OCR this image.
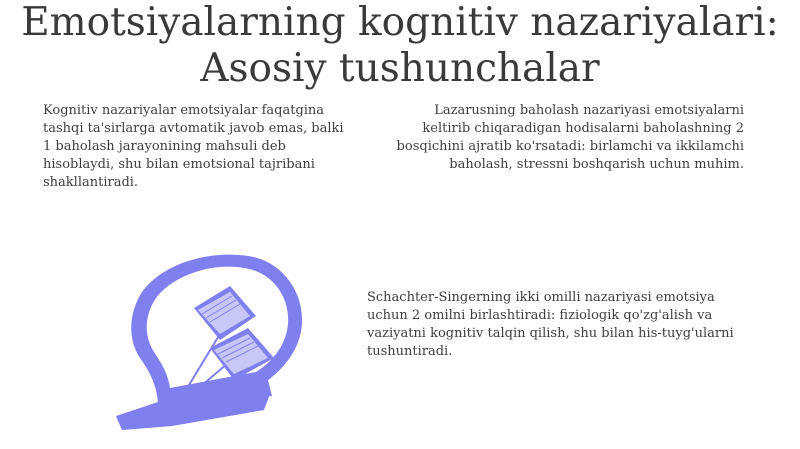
Emotsiyalarning kognitiv nazariyalari: Asosiy tushunchalar

Kognitiv nazariyalar emotsiyalar faqatgina tashqi ta'sirlarga avtomatik javob emas, balki 1 baholash jarayonining mahsuli deb hisoblaydi, shu bilan emotsional tajribani shakllantiradi.

Lazarusning baholash nazariyasi emotsiyalarni keltirib chiqaradigan hodisalarni baholashning 2 bosqichini ajratib ko'rsatadi: birlamchi va ikkilamchi baholash, stressni boshqarish uchun muhim.

Schachter-Singerning ikki omilli nazariyasi emotsiya uchun 2 omilni birlashtiradi: fiziologik qo'zg'alish va vaziyatni kognitiv talqin qilish, shu bilan his-tuyg'ularni tushuntiradi.
